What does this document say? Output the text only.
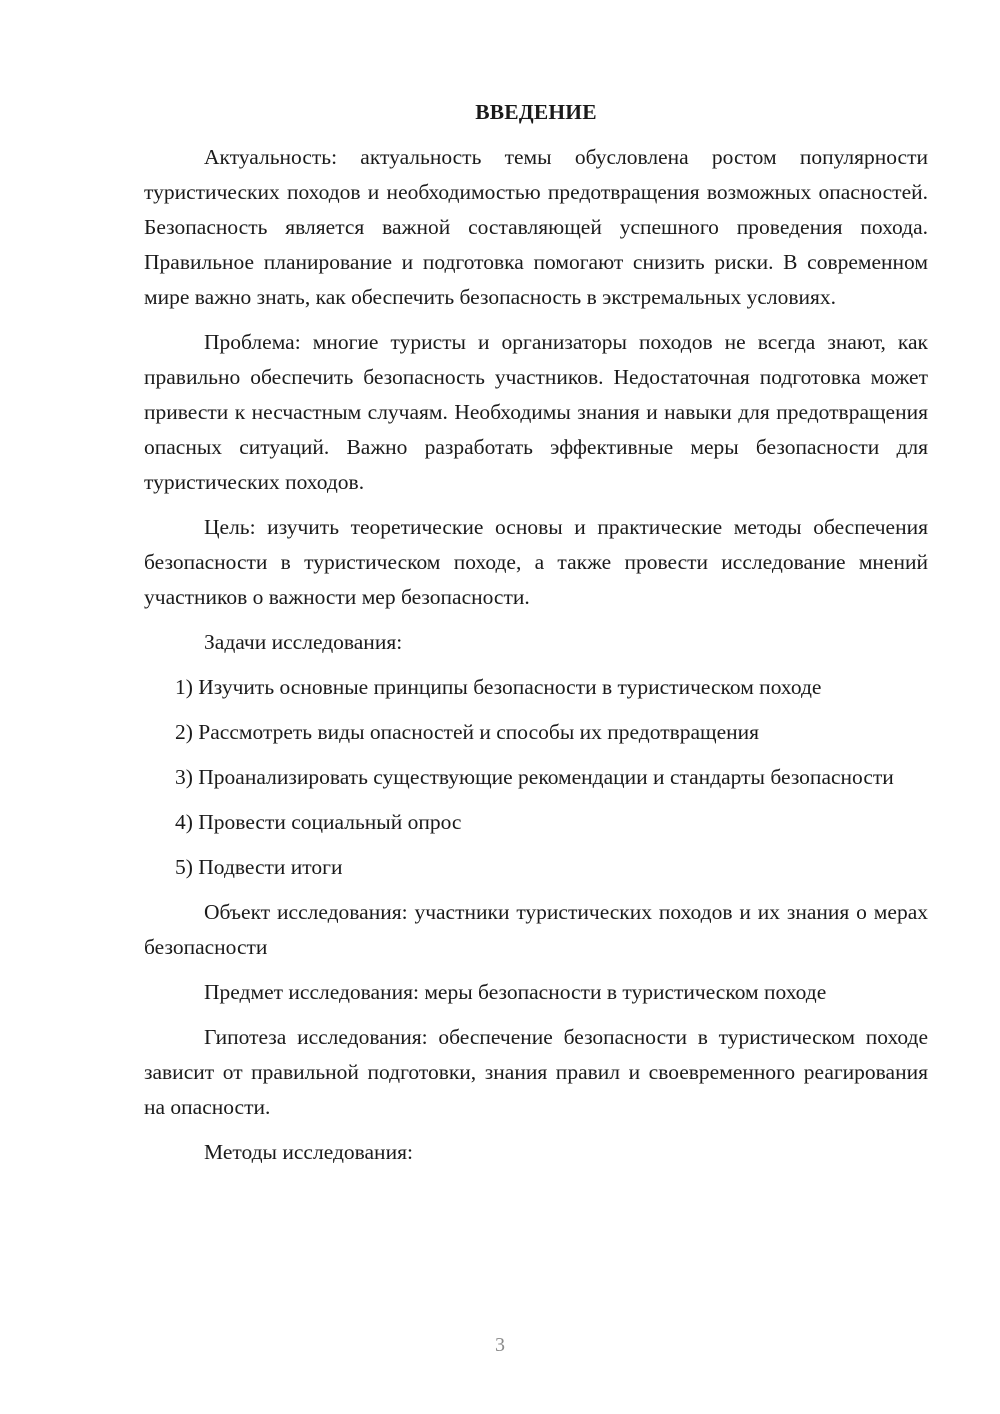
ВВЕДЕНИЕ

Актуальность: актуальность темы обусловлена ростом популярности туристических походов и необходимостью предотвращения возможных опасностей. Безопасность является важной составляющей успешного проведения похода. Правильное планирование и подготовка помогают снизить риски. В современном мире важно знать, как обеспечить безопасность в экстремальных условиях.

Проблема: многие туристы и организаторы походов не всегда знают, как правильно обеспечить безопасность участников. Недостаточная подготовка может привести к несчастным случаям. Необходимы знания и навыки для предотвращения опасных ситуаций. Важно разработать эффективные меры безопасности для туристических походов.

Цель: изучить теоретические основы и практические методы обеспечения безопасности в туристическом походе, а также провести исследование мнений участников о важности мер безопасности.

Задачи исследования:

1) Изучить основные принципы безопасности в туристическом походе

2) Рассмотреть виды опасностей и способы их предотвращения

3) Проанализировать существующие рекомендации и стандарты безопасности

4) Провести социальный опрос

5) Подвести итоги

Объект исследования: участники туристических походов и их знания о мерах безопасности

Предмет исследования: меры безопасности в туристическом походе

Гипотеза исследования: обеспечение безопасности в туристическом походе зависит от правильной подготовки, знания правил и своевременного реагирования на опасности.

Методы исследования:

3
